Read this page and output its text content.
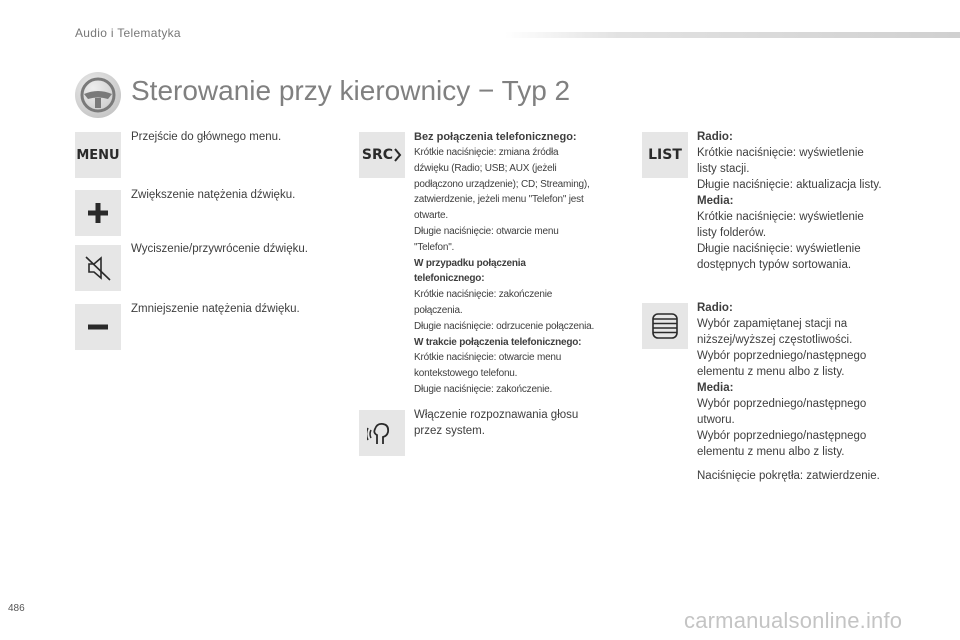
Audio i Telematyka
Sterowanie przy kierownicy − Typ 2
MENU
Przejście do głównego menu.
Zwiększenie natężenia dźwięku.
Wyciszenie/przywrócenie dźwięku.
Zmniejszenie natężenia dźwięku.
SRC
Bez połączenia telefonicznego:
Krótkie naciśnięcie: zmiana źródła
dźwięku (Radio; USB; AUX (jeżeli
podłączono urządzenie); CD; Streaming),
zatwierdzenie, jeżeli menu "Telefon" jest
otwarte.
Długie naciśnięcie: otwarcie menu
"Telefon".
W przypadku połączenia
telefonicznego:
Krótkie naciśnięcie: zakończenie
połączenia.
Długie naciśnięcie: odrzucenie połączenia.
W trakcie połączenia telefonicznego:
Krótkie naciśnięcie: otwarcie menu
kontekstowego telefonu.
Długie naciśnięcie: zakończenie.
Włączenie rozpoznawania głosu
przez system.
LIST
Radio:
Krótkie naciśnięcie: wyświetlenie
listy stacji.
Długie naciśnięcie: aktualizacja listy.
Media:
Krótkie naciśnięcie: wyświetlenie
listy folderów.
Długie naciśnięcie: wyświetlenie
dostępnych typów sortowania.
Radio:
Wybór zapamiętanej stacji na
niższej/wyższej częstotliwości.
Wybór poprzedniego/następnego
elementu z menu albo z listy.
Media:
Wybór poprzedniego/następnego
utworu.
Wybór poprzedniego/następnego
elementu z menu albo z listy.
Naciśnięcie pokrętła: zatwierdzenie.
486	carmanualsonline.info
